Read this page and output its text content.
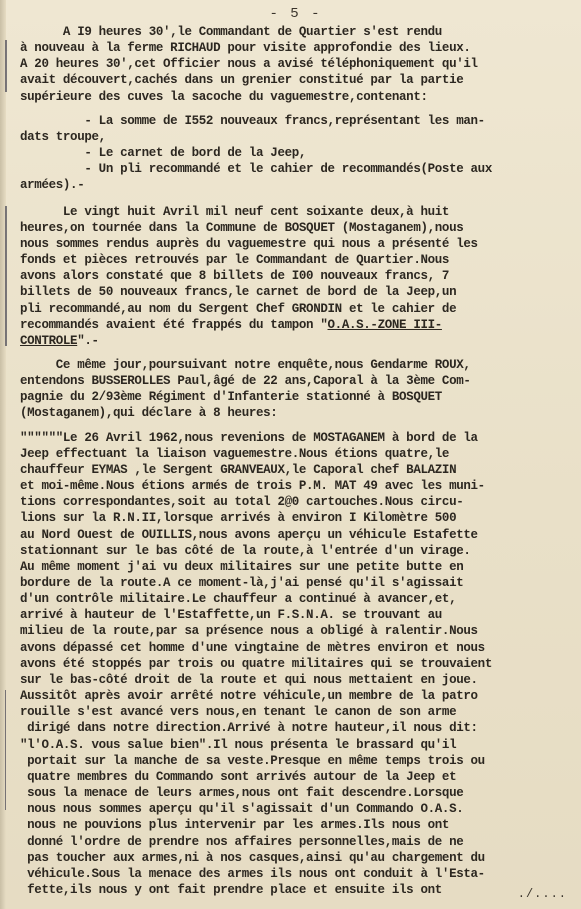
- 5 -
A I9 heures 30',le Commandant de Quartier s'est rendu
à nouveau à la ferme RICHAUD pour visite approfondie des lieux.
A 20 heures 30',cet Officier nous a avisé téléphoniquement qu'il
avait découvert,cachés dans un grenier constitué par la partie
supérieure des cuves la sacoche du vaguemestre,contenant:
- La somme de I552 nouveaux francs,représentant les man-
dats troupe,
- Le carnet de bord de la Jeep,
- Un pli recommandé et le cahier de recommandés(Poste aux
armées).-
Le vingt huit Avril mil neuf cent soixante deux,à huit
heures,on tournée dans la Commune de BOSQUET (Mostaganem),nous
nous sommes rendus auprès du vaguemestre qui nous a présenté les
fonds et pièces retrouvés par le Commandant de Quartier.Nous
avons alors constaté que 8 billets de I00 nouveaux francs, 7
billets de 50 nouveaux francs,le carnet de bord de la Jeep,un
pli recommandé,au nom du Sergent Chef GRONDIN et le cahier de
recommandés avaient été frappés du tampon "O.A.S.-ZONE III-
CONTROLE".-
Ce même jour,poursuivant notre enquête,nous Gendarme ROUX,
entendons BUSSEROLLES Paul,âgé de 22 ans,Caporal à la 3ème Com-
pagnie du 2/93ème Régiment d'Infanterie stationné à BOSQUET
(Mostaganem),qui déclare à 8 heures:
""""""Le 26 Avril 1962,nous revenions de MOSTAGANEM à bord de la
Jeep effectuant la liaison vaguemestre.Nous étions quatre,le
chauffeur EYMAS ,le Sergent GRANVEAUX,le Caporal chef BALAZIN
et moi-même.Nous étions armés de trois P.M. MAT 49 avec les muni-
tions correspondantes,soit au total 2@0 cartouches.Nous circu-
lions sur la R.N.II,lorsque arrivés à environ I Kilomètre 500
au Nord Ouest de OUILLIS,nous avons aperçu un véhicule Estafette
stationnant sur le bas côté de la route,à l'entrée d'un virage.
Au même moment j'ai vu deux militaires sur une petite butte en
bordure de la route.A ce moment-là,j'ai pensé qu'il s'agissait
d'un contrôle militaire.Le chauffeur a continué à avancer,et,
arrivé à hauteur de l'Estaffette,un F.S.N.A. se trouvant au
milieu de la route,par sa présence nous a obligé à ralentir.Nous
avons dépassé cet homme d'une vingtaine de mètres environ et nous
avons été stoppés par trois ou quatre militaires qui se trouvaient
sur le bas-côté droit de la route et qui nous mettaient en joue.
Aussitôt après avoir arrêté notre véhicule,un membre de la patro
rouille s'est avancé vers nous,en tenant le canon de son arme
dirigé dans notre direction.Arrivé à notre hauteur,il nous dit:
"l'O.A.S. vous salue bien".Il nous présenta le brassard qu'il
portait sur la manche de sa veste.Presque en même temps trois ou
quatre membres du Commando sont arrivés autour de la Jeep et
sous la menace de leurs armes,nous ont fait descendre.Lorsque
nous nous sommes aperçu qu'il s'agissait d'un Commando O.A.S.
nous ne pouvions plus intervenir par les armes.Ils nous ont
donné l'ordre de prendre nos affaires personnelles,mais de ne
pas toucher aux armes,ni à nos casques,ainsi qu'au chargement du
véhicule.Sous la menace des armes ils nous ont conduit à l'Esta-
fette,ils nous y ont fait prendre place et ensuite ils ont	./....
